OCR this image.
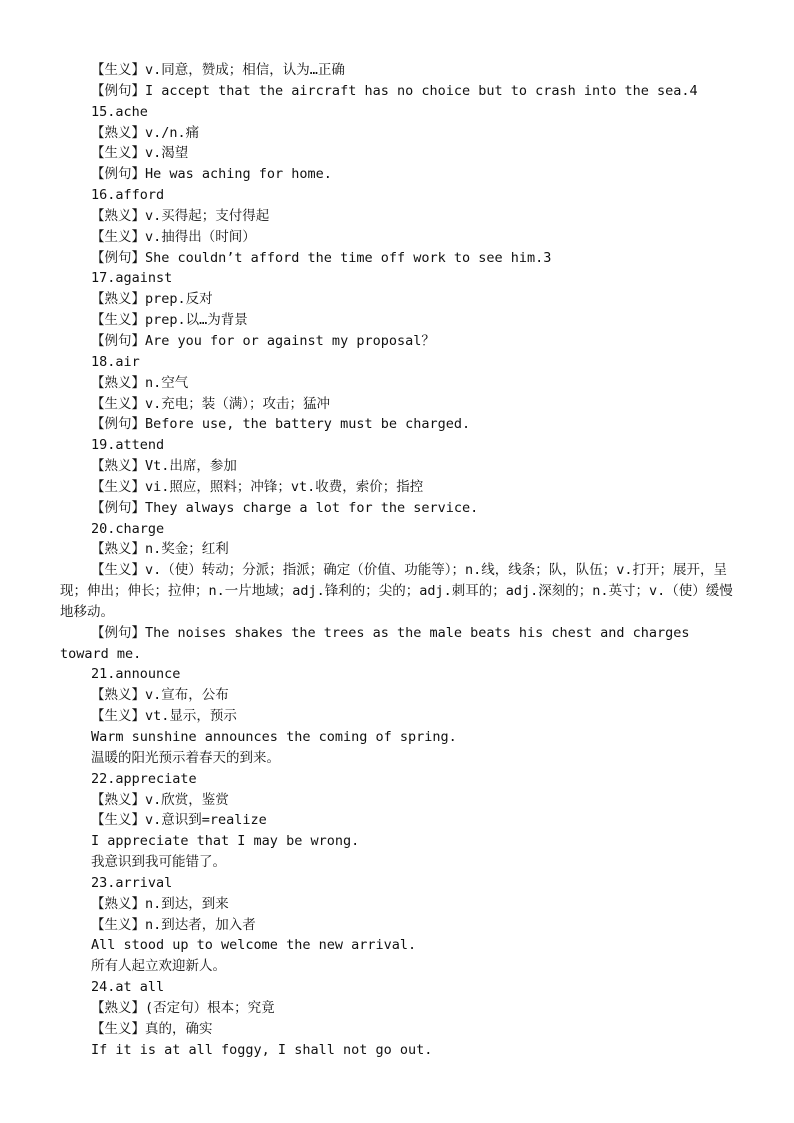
【生义】v.同意，赞成；相信，认为…正确
【例句】I accept that the aircraft has no choice but to crash into the sea.4
15.ache
【熟义】v./n.痛
【生义】v.渴望
【例句】He was aching for home.
16.afford
【熟义】v.买得起；支付得起
【生义】v.抽得出（时间）
【例句】She couldn’t afford the time off work to see him.3
17.against
【熟义】prep.反对
【生义】prep.以…为背景
【例句】Are you for or against my proposal？
18.air
【熟义】n.空气
【生义】v.充电；装（满）；攻击；猛冲
【例句】Before use, the battery must be charged.
19.attend
【熟义】Vt.出席，参加
【生义】vi.照应，照料；冲锋；vt.收费，索价；指控
【例句】They always charge a lot for the service.
20.charge
【熟义】n.奖金；红利
【生义】v.（使）转动；分派；指派；确定（价值、功能等）；n.线，线条；队，队伍；v.打开；展开，呈现；伸出；伸长；拉伸；n.一片地域；adj.锋利的；尖的；adj.刺耳的；adj.深刻的；n.英寸；v.（使）缓慢地移动。
【例句】The noises shakes the trees as the male beats his chest and charges toward me.
21.announce
【熟义】v.宣布，公布
【生义】vt.显示，预示
Warm sunshine announces the coming of spring.
温暖的阳光预示着春天的到来。
22.appreciate
【熟义】v.欣赏，鉴赏
【生义】v.意识到=realize
I appreciate that I may be wrong.
我意识到我可能错了。
23.arrival
【熟义】n.到达，到来
【生义】n.到达者，加入者
All stood up to welcome the new arrival.
所有人起立欢迎新人。
24.at all
【熟义】(否定句）根本；究竟
【生义】真的，确实
If it is at all foggy, I shall not go out.
